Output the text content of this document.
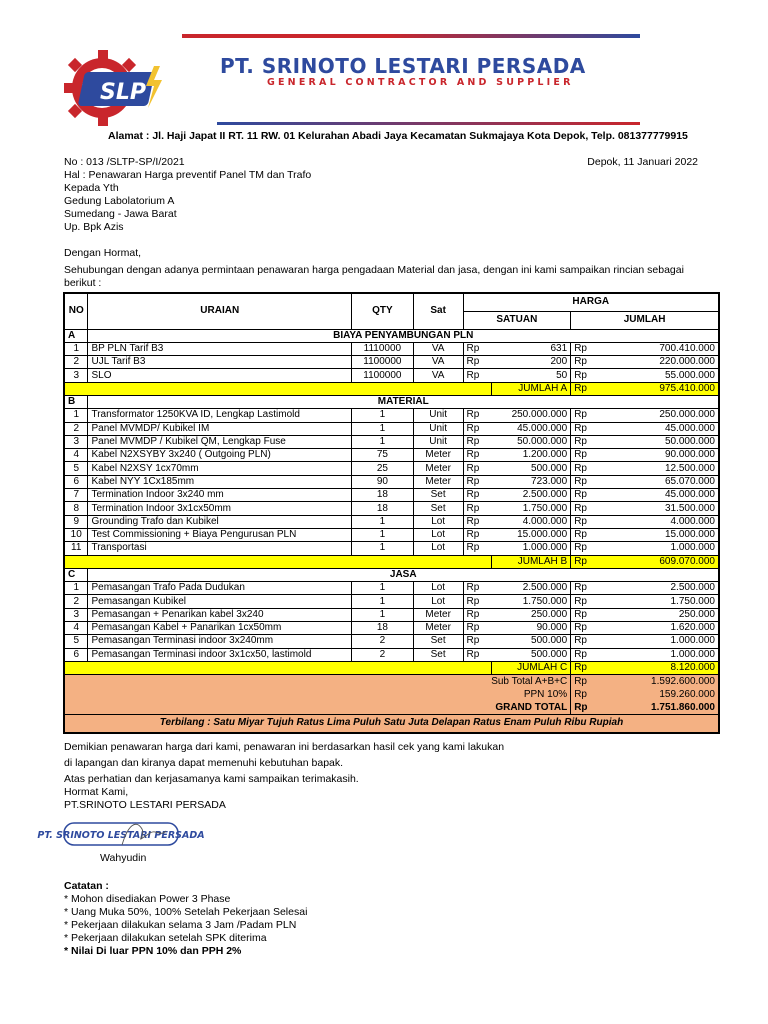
SLP
PT. SRINOTO LESTARI PERSADA
GENERAL CONTRACTOR AND SUPPLIER
Alamat : Jl. Haji Japat II RT. 11 RW. 01 Kelurahan Abadi Jaya Kecamatan Sukmajaya Kota Depok, Telp. 081377779915
No : 013 /SLTP-SP/I/2021	Depok, 11 Januari 2022
Hal : Penawaran Harga preventif Panel TM dan Trafo
Kepada Yth
Gedung Labolatorium A
Sumedang - Jawa Barat
Up. Bpk Azis
Dengan Hormat,
Sehubungan dengan adanya permintaan penawaran harga pengadaan Material dan jasa, dengan ini kami sampaikan rincian sebagai
berikut :
NO	URAIAN	QTY	Sat	HARGA			
				SATUAN		JUMLAH	
A	BIAYA PENYAMBUNGAN PLN						
1	BP PLN Tarif B3	1110000	VA	Rp	631	Rp	700.410.000
2	UJL Tarif B3	1100000	VA	Rp	200	Rp	220.000.000
3	SLO	1100000	VA	Rp	50	Rp	55.000.000
					JUMLAH A	Rp	975.410.000
B	MATERIAL						
1	Transformator 1250KVA ID, Lengkap Lastimold	1	Unit	Rp	250.000.000	Rp	250.000.000
2	Panel MVMDP/ Kubikel IM	1	Unit	Rp	45.000.000	Rp	45.000.000
3	Panel MVMDP / Kubikel QM, Lengkap Fuse	1	Unit	Rp	50.000.000	Rp	50.000.000
4	Kabel N2XSYBY 3x240 ( Outgoing PLN)	75	Meter	Rp	1.200.000	Rp	90.000.000
5	Kabel N2XSY 1cx70mm	25	Meter	Rp	500.000	Rp	12.500.000
6	Kabel NYY 1Cx185mm	90	Meter	Rp	723.000	Rp	65.070.000
7	Termination Indoor 3x240 mm	18	Set	Rp	2.500.000	Rp	45.000.000
8	Termination Indoor 3x1cx50mm	18	Set	Rp	1.750.000	Rp	31.500.000
9	Grounding Trafo dan Kubikel	1	Lot	Rp	4.000.000	Rp	4.000.000
10	Test Commissioning + Biaya Pengurusan PLN	1	Lot	Rp	15.000.000	Rp	15.000.000
11	Transportasi	1	Lot	Rp	1.000.000	Rp	1.000.000
					JUMLAH B	Rp	609.070.000
C	JASA						
1	Pemasangan Trafo Pada Dudukan	1	Lot	Rp	2.500.000	Rp	2.500.000
2	Pemasangan Kubikel	1	Lot	Rp	1.750.000	Rp	1.750.000
3	Pemasangan + Penarikan kabel 3x240	1	Meter	Rp	250.000	Rp	250.000
4	Pemasangan Kabel + Panarikan 1cx50mm	18	Meter	Rp	90.000	Rp	1.620.000
5	Pemasangan Terminasi indoor 3x240mm	2	Set	Rp	500.000	Rp	1.000.000
6	Pemasangan Terminasi indoor 3x1cx50, lastimold	2	Set	Rp	500.000	Rp	1.000.000
					JUMLAH C	Rp	8.120.000
Sub Total A+B+C						Rp	1.592.600.000
PPN 10%						Rp	159.260.000
GRAND TOTAL						Rp	1.751.860.000
Terbilang : Satu Miyar Tujuh Ratus Lima Puluh Satu Juta Delapan Ratus Enam Puluh Ribu Rupiah							
Demikian penawaran harga dari kami, penawaran ini berdasarkan hasil cek yang kami lakukan
di lapangan dan kiranya dapat memenuhi kebutuhan bapak.
Atas perhatian dan kerjasamanya kami sampaikan terimakasih.
Hormat Kami,
PT.SRINOTO LESTARI PERSADA
PT. SRINOTO LESTARI PERSADA
Wahyudin
Catatan :
* Mohon disediakan Power 3 Phase
* Uang Muka 50%, 100% Setelah Pekerjaan Selesai
* Pekerjaan dilakukan selama 3 Jam /Padam PLN
* Pekerjaan dilakukan setelah SPK diterima
* Nilai Di luar PPN 10% dan PPH 2%
